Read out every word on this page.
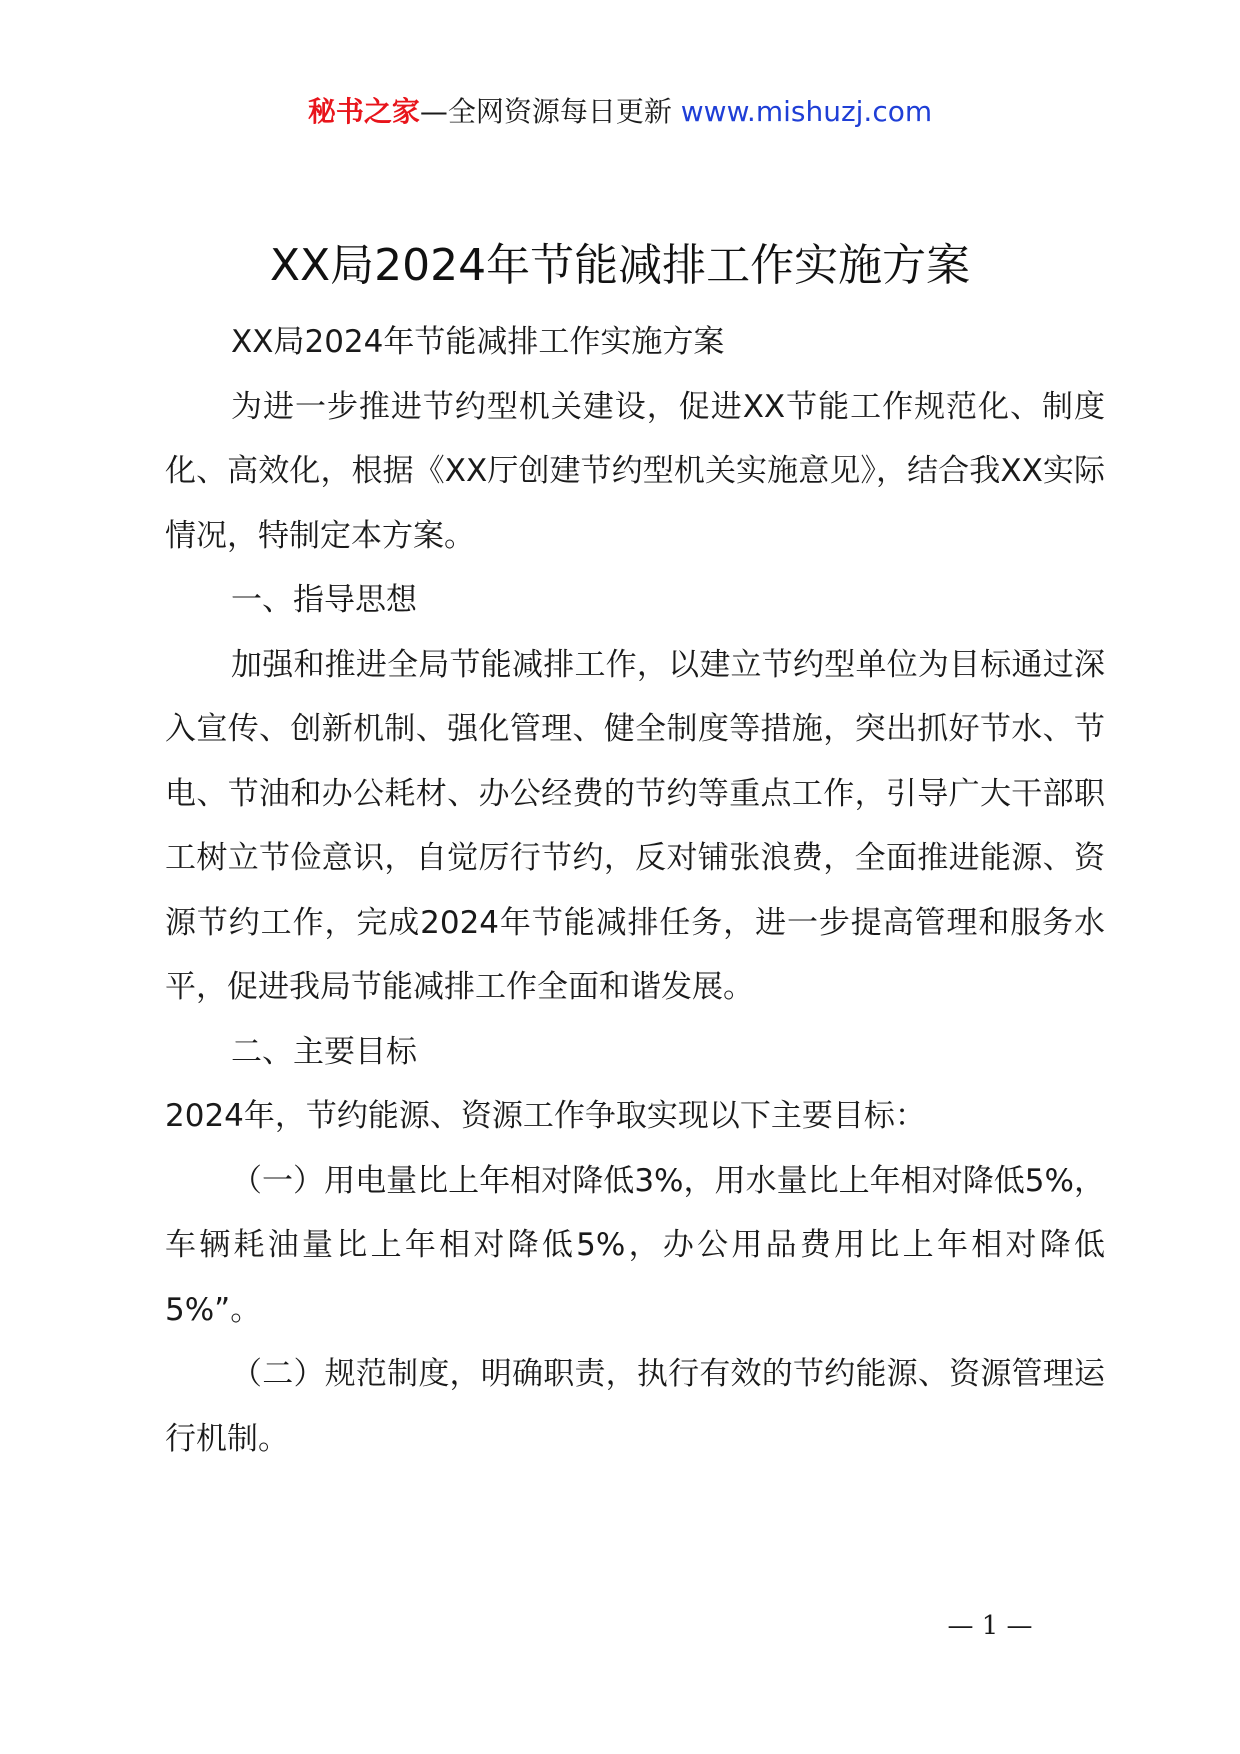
秘书之家—全网资源每日更新 www.mishuzj.com
XX局2024年节能减排工作实施方案

XX局2024年节能减排工作实施方案

为进一步推进节约型机关建设，促进XX节能工作规范化、制度化、高效化，根据《XX厅创建节约型机关实施意见》，结合我XX实际情况，特制定本方案。

一、指导思想

加强和推进全局节能减排工作，以建立节约型单位为目标通过深入宣传、创新机制、强化管理、健全制度等措施，突出抓好节水、节电、节油和办公耗材、办公经费的节约等重点工作，引导广大干部职工树立节俭意识，自觉厉行节约，反对铺张浪费，全面推进能源、资源节约工作，完成2024年节能减排任务，进一步提高管理和服务水平，促进我局节能减排工作全面和谐发展。

二、主要目标

2024年，节约能源、资源工作争取实现以下主要目标：

（一）用电量比上年相对降低3%，用水量比上年相对降低5%，车辆耗油量比上年相对降低5%，办公用品费用比上年相对降低5%”。

（二）规范制度，明确职责，执行有效的节约能源、资源管理运行机制。

— 1 —
